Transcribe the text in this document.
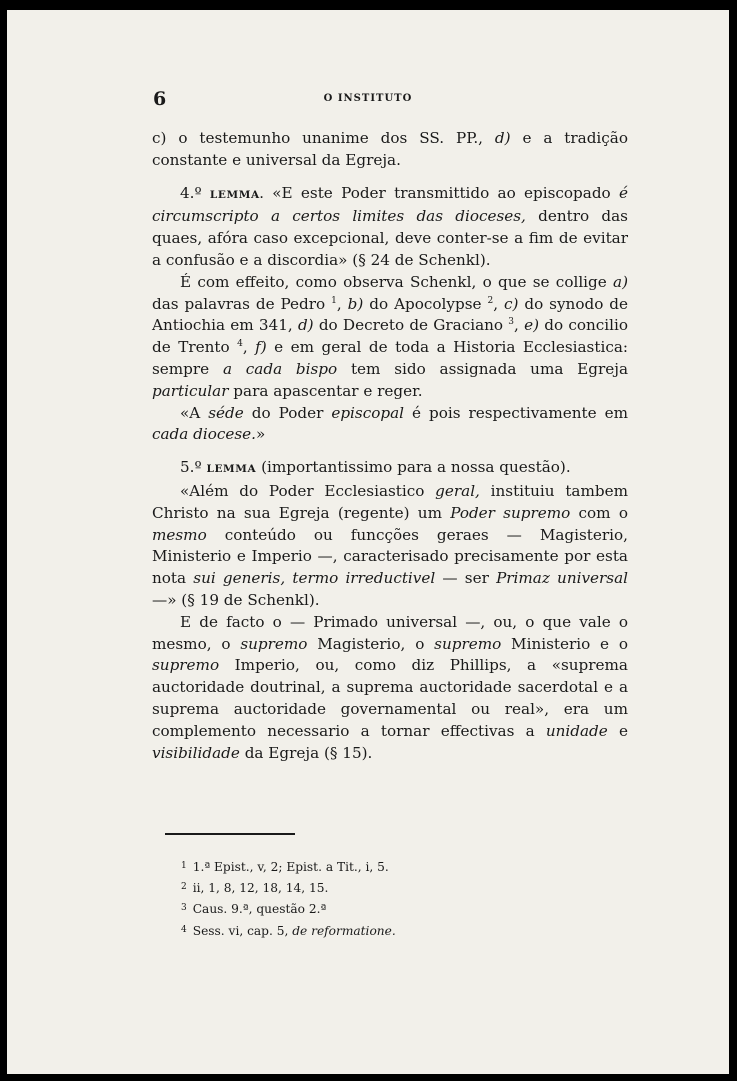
6	O INSTITUTO

c) o testemunho unanime dos SS. PP., d) e a tradição constante e universal da Egreja.

4.º LEMMA. «E este Poder transmittido ao episcopado é circumscripto a certos limites das dioceses, dentro das quaes, afóra caso excepcional, deve conter-se a fim de evitar a confusão e a discordia» (§ 24 de Schenkl).

É com effeito, como observa Schenkl, o que se collige a) das palavras de Pedro $^1$, b) do Apocolypse $^2$, c) do synodo de Antiochia em 341, d) do Decreto de Graciano $^3$, e) do concilio de Trento $^4$, f) e em geral de toda a Historia Ecclesiastica: sempre a cada bispo tem sido assignada uma Egreja particular para apascentar e reger.

«A séde do Poder episcopal é pois respectivamente em cada diocese.»

5.º LEMMA (importantissimo para a nossa questão).

«Além do Poder Ecclesiastico geral, instituiu tambem Christo na sua Egreja (regente) um Poder supremo com o mesmo conteúdo ou funcções geraes — Magisterio, Ministerio e Imperio —, caracterisado precisamente por esta nota sui generis, termo irreductivel — ser Primaz universal —» (§ 19 de Schenkl).

E de facto o — Primado universal —, ou, o que vale o mesmo, o supremo Magisterio, o supremo Ministerio e o supremo Imperio, ou, como diz Phillips, a «suprema auctoridade doutrinal, a suprema auctoridade sacerdotal e a suprema auctoridade governamental ou real», era um complemento necessario a tornar effectivas a unidade e visibilidade da Egreja (§ 15).

$^1$ 1.ª Epist., v, 2; Epist. a Tit., i, 5.

$^2$ ii, 1, 8, 12, 18, 14, 15.

$^3$ Caus. 9.ª, questão 2.ª

$^4$ Sess. vi, cap. 5, de reformatione.
